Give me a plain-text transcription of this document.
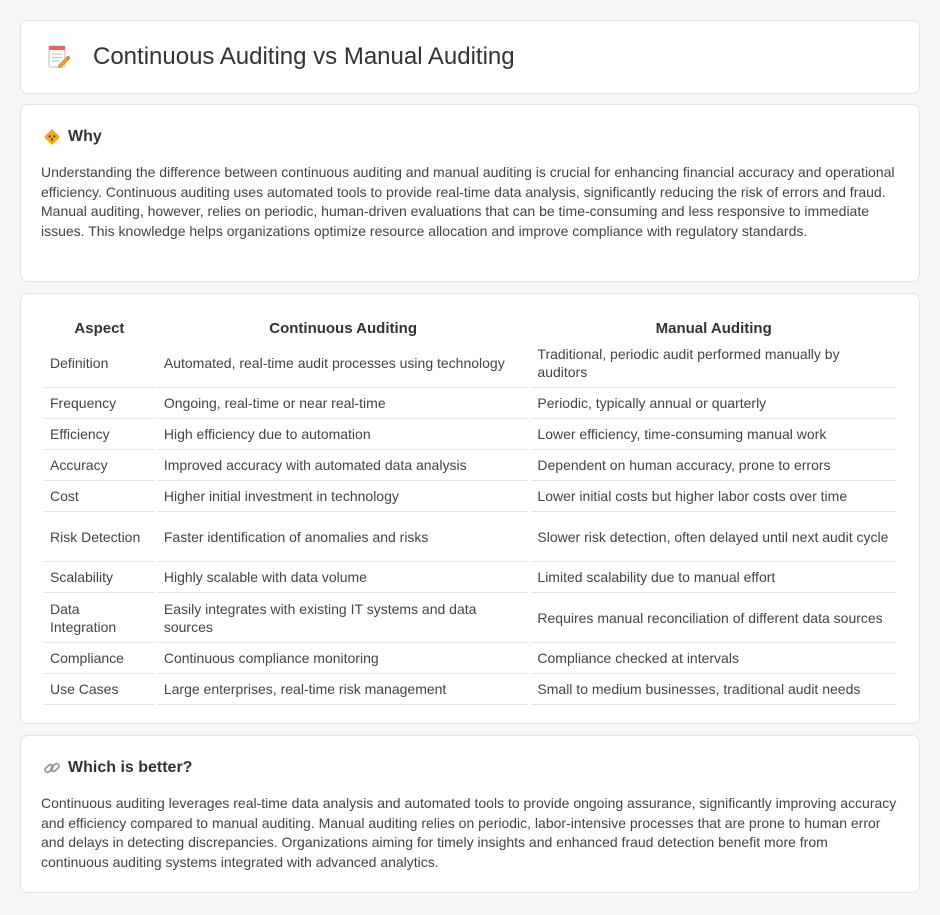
Continuous Auditing vs Manual Auditing
Why

Understanding the difference between continuous auditing and manual auditing is crucial for enhancing financial accuracy and operational efficiency. Continuous auditing uses automated tools to provide real-time data analysis, significantly reducing the risk of errors and fraud. Manual auditing, however, relies on periodic, human-driven evaluations that can be time-consuming and less responsive to immediate issues. This knowledge helps organizations optimize resource allocation and improve compliance with regulatory standards.

Aspect	Continuous Auditing	Manual Auditing
Definition	Automated, real-time audit processes using technology	Traditional, periodic audit performed manually by auditors
Frequency	Ongoing, real-time or near real-time	Periodic, typically annual or quarterly
Efficiency	High efficiency due to automation	Lower efficiency, time-consuming manual work
Accuracy	Improved accuracy with automated data analysis	Dependent on human accuracy, prone to errors
Cost	Higher initial investment in technology	Lower initial costs but higher labor costs over time
Risk Detection	Faster identification of anomalies and risks	Slower risk detection, often delayed until next audit cycle
Scalability	Highly scalable with data volume	Limited scalability due to manual effort
Data Integration	Easily integrates with existing IT systems and data sources	Requires manual reconciliation of different data sources
Compliance	Continuous compliance monitoring	Compliance checked at intervals
Use Cases	Large enterprises, real-time risk management	Small to medium businesses, traditional audit needs
Which is better?

Continuous auditing leverages real-time data analysis and automated tools to provide ongoing assurance, significantly improving accuracy and efficiency compared to manual auditing. Manual auditing relies on periodic, labor-intensive processes that are prone to human error and delays in detecting discrepancies. Organizations aiming for timely insights and enhanced fraud detection benefit more from continuous auditing systems integrated with advanced analytics.
